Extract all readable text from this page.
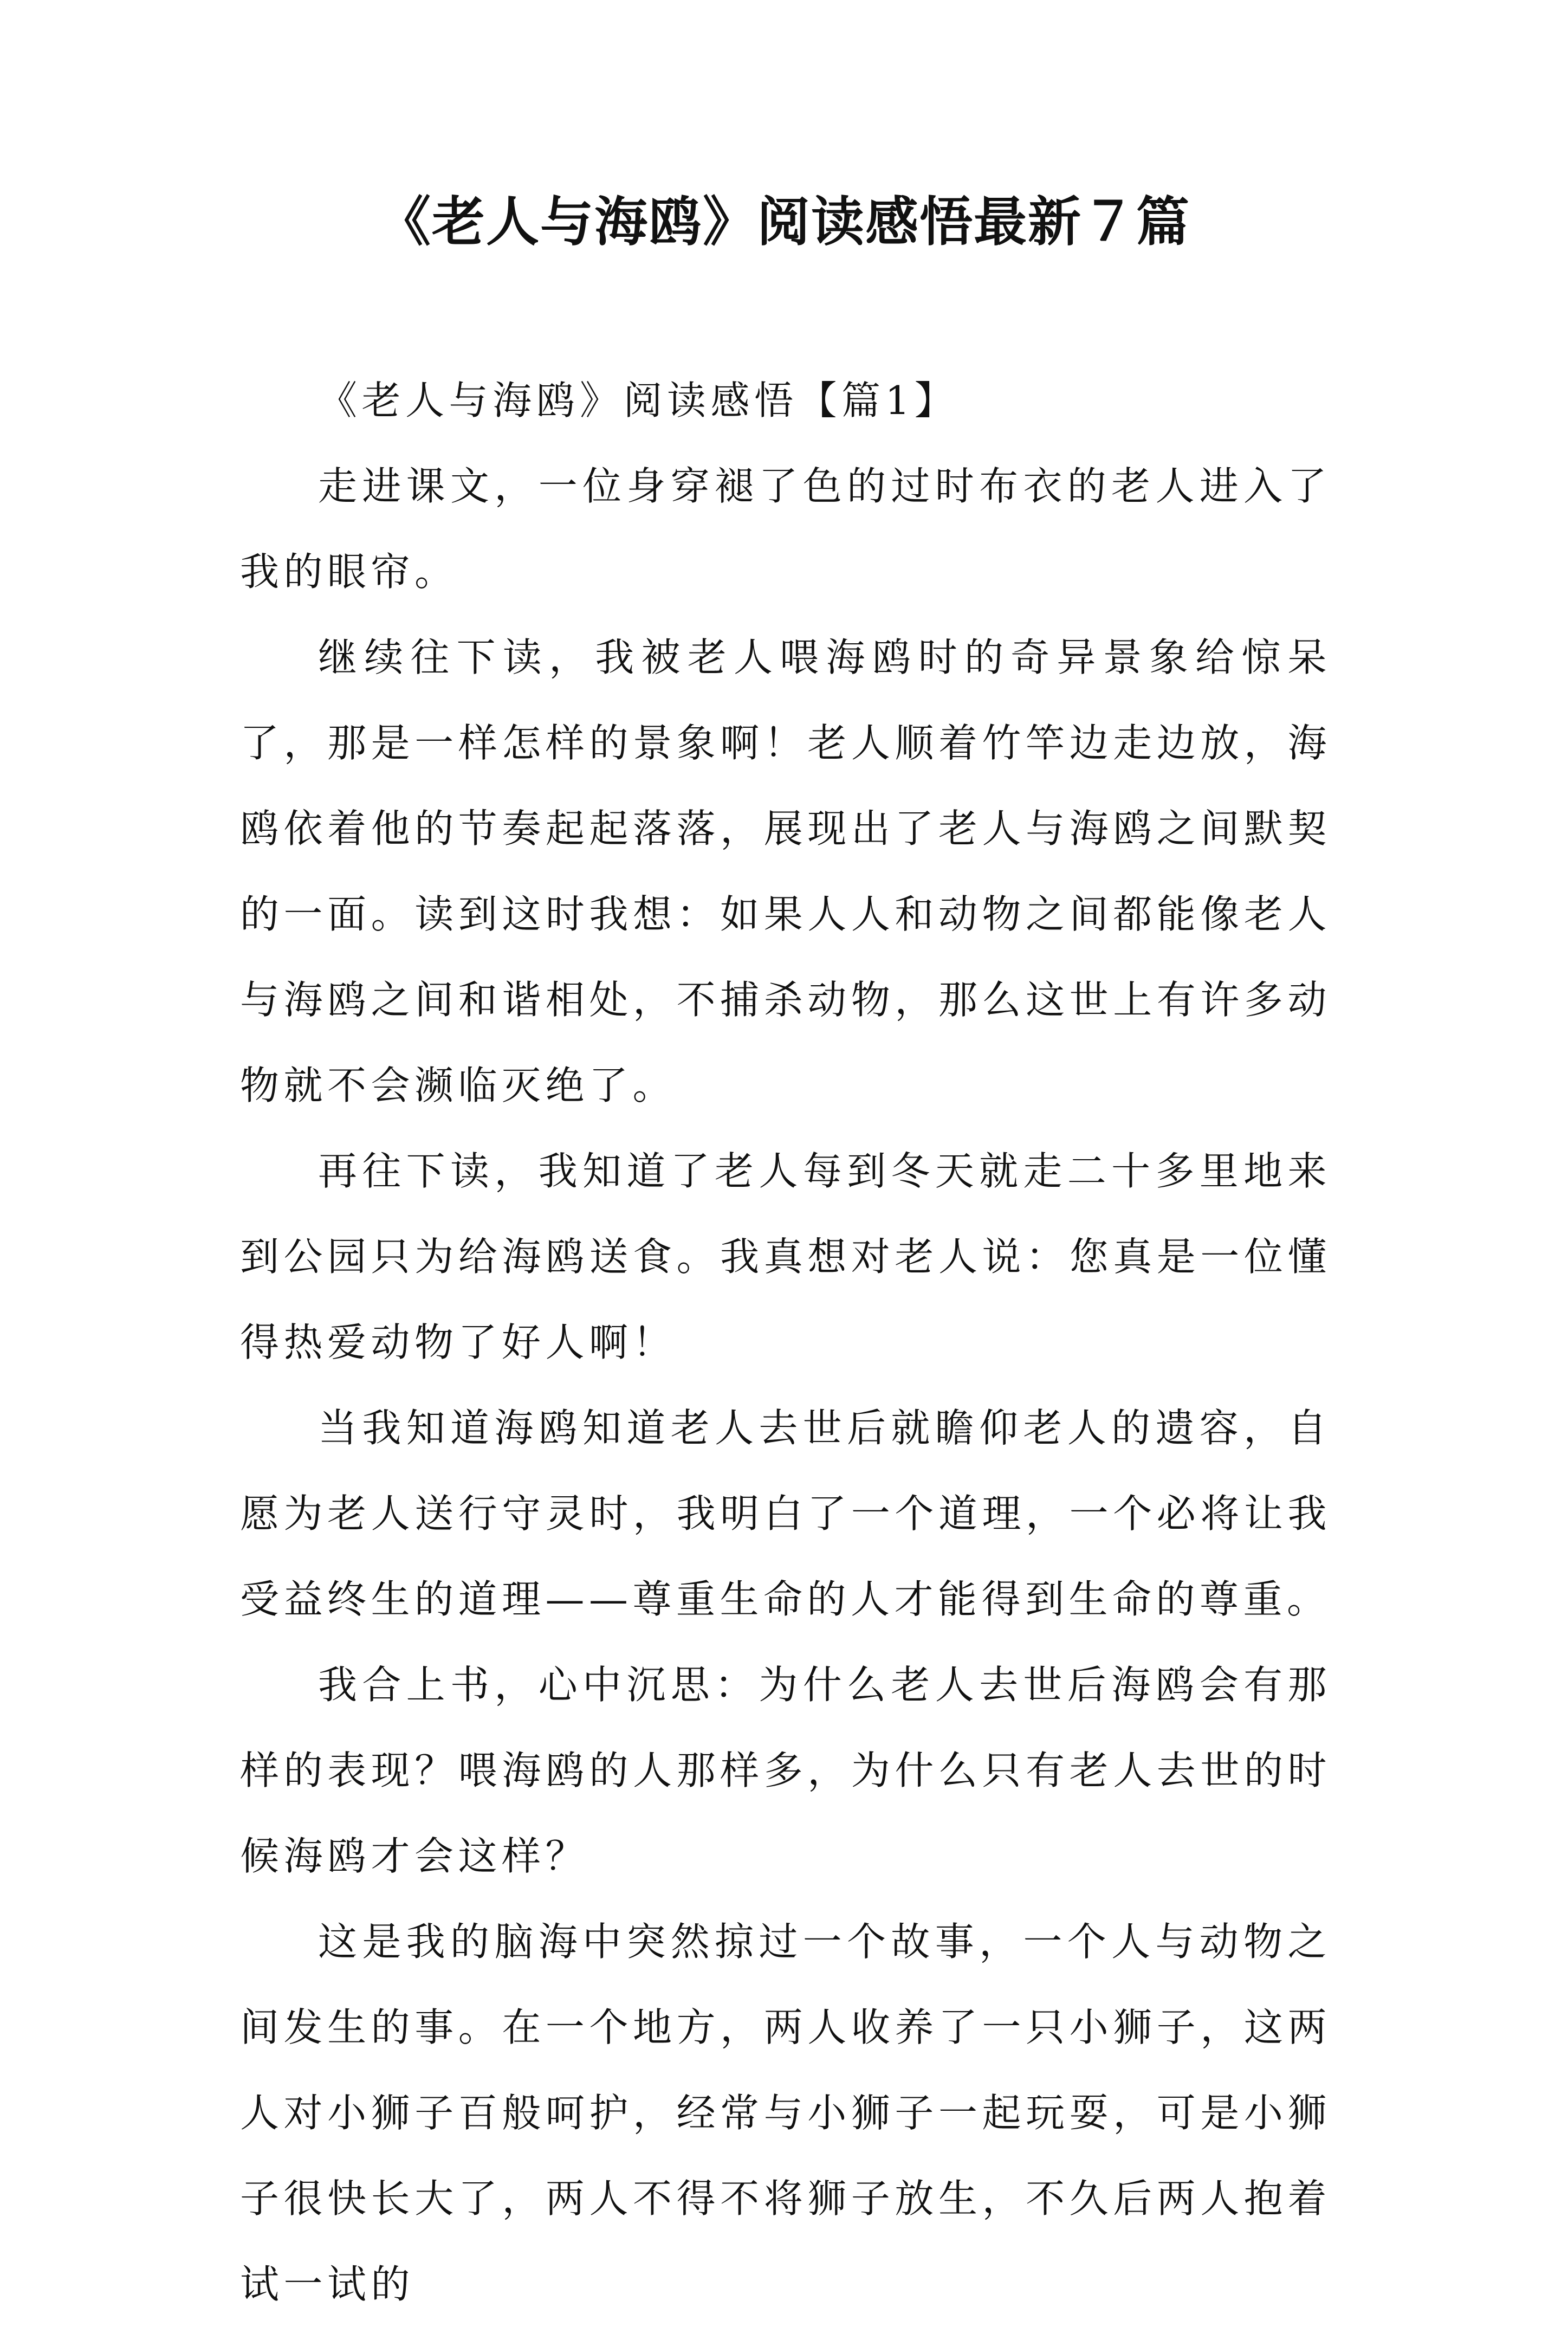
《老人与海鸥》阅读感悟最新７篇

《老人与海鸥》阅读感悟【篇1】

走进课文，一位身穿褪了色的过时布衣的老人进入了我的眼帘。

继续往下读，我被老人喂海鸥时的奇异景象给惊呆了，那是一样怎样的景象啊！老人顺着竹竿边走边放，海鸥依着他的节奏起起落落，展现出了老人与海鸥之间默契的一面。读到这时我想：如果人人和动物之间都能像老人与海鸥之间和谐相处，不捕杀动物，那么这世上有许多动物就不会濒临灭绝了。

再往下读，我知道了老人每到冬天就走二十多里地来到公园只为给海鸥送食。我真想对老人说：您真是一位懂得热爱动物了好人啊！

当我知道海鸥知道老人去世后就瞻仰老人的遗容，自愿为老人送行守灵时，我明白了一个道理，一个必将让我受益终生的道理——尊重生命的人才能得到生命的尊重。

我合上书，心中沉思：为什么老人去世后海鸥会有那样的表现？喂海鸥的人那样多，为什么只有老人去世的时候海鸥才会这样？

这是我的脑海中突然掠过一个故事，一个人与动物之间发生的事。在一个地方，两人收养了一只小狮子，这两人对小狮子百般呵护，经常与小狮子一起玩耍，可是小狮子很快长大了，两人不得不将狮子放生，不久后两人抱着试一试的
